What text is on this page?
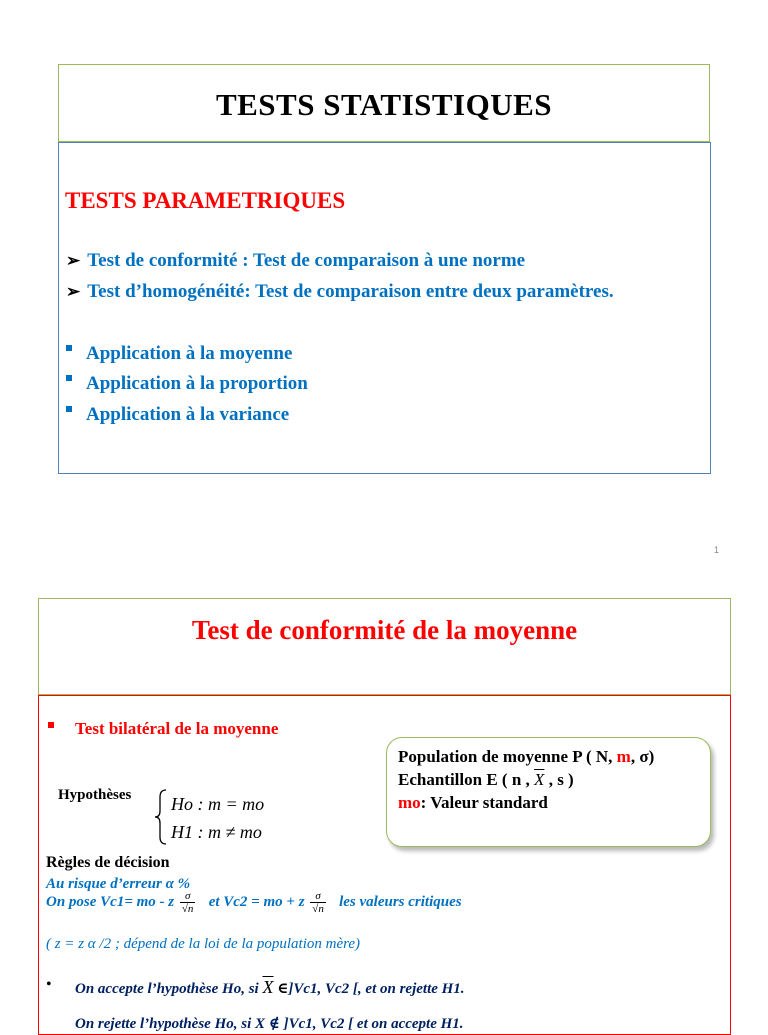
TESTS STATISTIQUES
TESTS PARAMETRIQUES
➢ Test de conformité : Test de comparaison à une norme
➢ Test d’homogénéité: Test de comparaison entre deux paramètres.
Application à la moyenne
Application à la proportion
Application à la variance
1
Test de conformité de la moyenne
Test bilatéral de la moyenne
Population de moyenne P ( N, m, σ)
Echantillon E ( n , $\overline{X}$ , s )
mo: Valeur standard
Hypothèses Ho : m = mo
H1 : m ≠ mo
Règles de décision
Au risque d’erreur α %
On pose Vc1= mo - z $\frac{\sigma}{√n}$ et Vc2 = mo + z $\frac{\sigma}{√n}$ les valeurs critiques
( z = z α /2 ; dépend de la loi de la population mère)
• On accepte l’hypothèse Ho, si $\overline{X}$ ∈]Vc1, Vc2 [, et on rejette H1.
On rejette l’hypothèse Ho, si X ∉ ]Vc1, Vc2 [ et on accepte H1.
